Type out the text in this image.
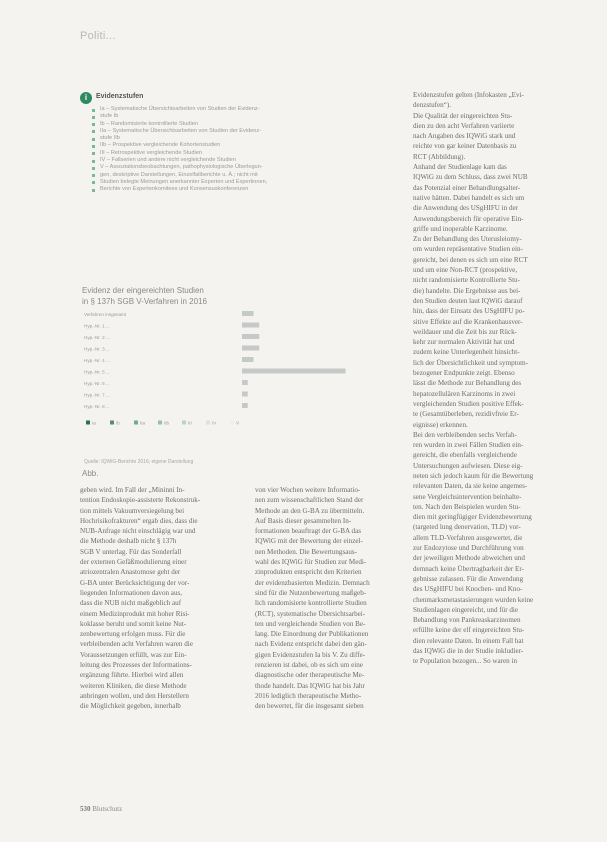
Politi...
i	Evidenzstufen
Ia – Systematische Übersichtsarbeiten von Studien der Evidenz-
stufe Ib
Ib – Randomisierte kontrollierte Studien
IIa – Systematische Übersichtsarbeiten von Studien der Evidenz-
stufe IIb
IIb – Prospektive vergleichende Kohortenstudien
III – Retrospektive vergleichende Studien
IV – Fallserien und andere nicht vergleichende Studien
V – Assoziationsbeobachtungen, pathophysiologische Überlegun-
gen, deskriptive Darstellungen, Einzelfallberichte u. Ä.; nicht mit
Studien belegte Meinungen anerkannter Experten und Expertinnen,
Berichte von Expertenkomitees und Konsensuskonferenzen
Evidenz der eingereichten Studien
in § 137h SGB V-Verfahren in 2016
Verfahren insgesamt
Hyp.-Nr. 1 ...
Hyp.-Nr. 2 ...
Hyp.-Nr. 3 ...
Hyp.-Nr. 4 ...
Hyp.-Nr. 5 ...
Hyp.-Nr. 6 ...
Hyp.-Nr. 7 ...
Hyp.-Nr. 8 ...
Ia	Ib	IIa	IIb	III	IV	V
Quelle: IQWiG-Berichte 2016; eigene Darstellung
Abb.
geben wird. Im Fall der „Mininni In-
tention Endoskopie-assisterte Rekonstruk-
tion mittels Vakuumversiegelung bei
Hochrisikofrakturen“ ergab dies, dass die
NUB-Anfrage nicht einschlägig war und
die Methode deshalb nicht § 137h
SGB V unterlag. Für das Sonderfall
der externen Gefäßmodulierung einer
atriozentralen Anastomose geht der
G-BA unter Berücksichtigung der vor-
liegenden Informationen davon aus,
dass die NUB nicht maßgeblich auf
einem Medizinprodukt mit hoher Risi-
koklasse beruht und somit keine Nut-
zenbewertung erfolgen muss. Für die
verbleibenden acht Verfahren waren die
Voraussetzungen erfüllt, was zur Ein-
leitung des Prozesses der Informations-
ergänzung führte. Hierbei wird allen
weiteren Kliniken, die diese Methode
anbringen wollen, und den Herstellern
die Möglichkeit gegeben, innerhalb
von vier Wochen weitere Informatio-
nen zum wissenschaftlichen Stand der
Methode an den G-BA zu übermitteln.
Auf Basis dieser gesammelten In-
formationen beauftragt der G-BA das
IQWiG mit der Bewertung der einzel-
nen Methoden. Die Bewertungsaus-
wahl des IQWiG für Studien zur Medi-
zinprodukten entspricht den Kriterien
der evidenzbasierten Medizin. Demnach
sind für die Nutzenbewertung maßgeb-
lich randomisierte kontrollierte Studien
(RCT), systematische Übersichtsarbei-
ten und vergleichende Studien von Be-
lang. Die Einordnung der Publikationen
nach Evidenz entspricht dabei den gän-
gigen Evidenzstufen Ia bis V. Zu diffe-
renzieren ist dabei, ob es sich um eine
diagnostische oder therapeutische Me-
thode handelt. Das IQWiG hat bis Jahr
2016 lediglich therapeutische Metho-
den bewertet, für die insgesamt sieben
Evidenzstufen gelten (Infokasten „Evi-
denzstufen“).
Die Qualität der eingereichten Stu-
dien zu den acht Verfahren variierte
nach Angaben des IQWiG stark und
reichte von gar keiner Datenbasis zu
RCT (Abbildung).
Anhand der Studienlage kam das
IQWiG zu dem Schluss, dass zwei NUB
das Potenzial einer Behandlungsalter-
native hätten. Dabei handelt es sich um
die Anwendung des USgHIFU in der
Anwendungsbereich für operative Ein-
griffe und inoperable Karzinome.
Zu der Behandlung des Uterusleiomy-
om wurden repräsentative Studien ein-
gereicht, bei denen es sich um eine RCT
und um eine Non-RCT (prospektive,
nicht randomisierte Kontrollierte Stu-
die) handelte. Die Ergebnisse aus bei-
den Studien deuten laut IQWiG darauf
hin, dass der Einsatz des USgHIFU po-
sitive Effekte auf die Krankenhausver-
weildauer und die Zeit bis zur Rück-
kehr zur normalen Aktivität hat und
zudem keine Unterlegenheit hinsicht-
lich der Übersichtlichkeit und symptom-
bezogener Endpunkte zeigt. Ebenso
lässt die Methode zur Behandlung des
hepatozellulären Karzinoms in zwei
vergleichenden Studien positive Effek-
te (Gesamtüberleben, rezidivfreie Er-
eignisse) erkennen.
Bei den verbleibenden sechs Verfah-
ren wurden in zwei Fällen Studien ein-
gereicht, die ebenfalls vergleichende
Untersuchungen aufwiesen. Diese eig-
neten sich jedoch kaum für die Bewertung
relevanten Daten, da sie keine angemes-
sene Vergleichsintervention beinhalte-
ten. Nach den Beispielen wurden Stu-
dien mit geringfügiger Evidenzbewertung
(targeted lung denervation, TLD) vor-
allem TLD-Verfahren ausgewertet, die
zur Endozytose und Durchführung von
der jeweiligen Methode abweichen und
demnach keine Übertragbarkeit der Er-
gebnisse zulassen. Für die Anwendung
des USgHIFU bei Knochen- und Kno-
chenmarksmetastasierungen wurden keine
Studienlagen eingereicht, und für die
Behandlung von Pankreaskarzinomen
erfüllte keine der elf eingereichten Stu-
dien relevante Daten. In einem Fall hat
das IQWiG die in der Studie inkludier-
te Population bezogen... So waren in
530 Blutschutz
